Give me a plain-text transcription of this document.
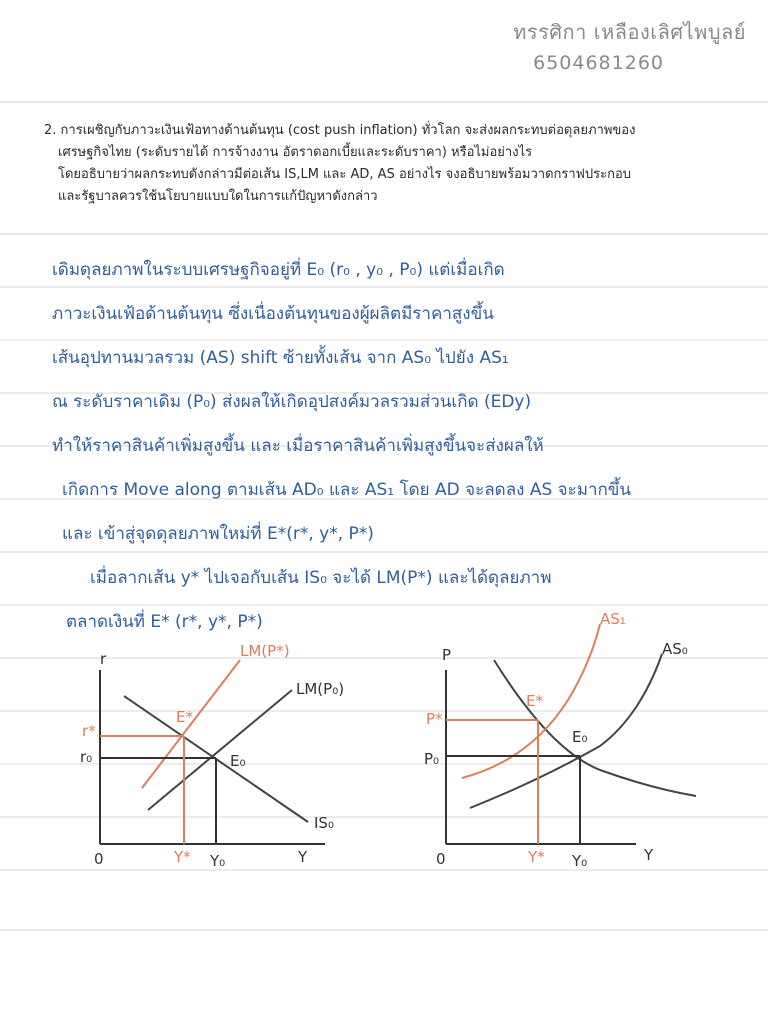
ทรรศิกา เหลืองเลิศไพบูลย์
6504681260
2. การเผชิญกับภาวะเงินเฟ้อทางด้านต้นทุน (cost push inflation) ทั่วโลก จะส่งผลกระทบต่อดุลยภาพของ
เศรษฐกิจไทย (ระดับรายได้ การจ้างงาน อัตราดอกเบี้ยและระดับราคา) หรือไม่อย่างไร
โดยอธิบายว่าผลกระทบดังกล่าวมีต่อเส้น IS,LM และ AD, AS อย่างไร จงอธิบายพร้อมวาดกราฟประกอบ
และรัฐบาลควรใช้นโยบายแบบใดในการแก้ปัญหาดังกล่าว
เดิมดุลยภาพในระบบเศรษฐกิจอยู่ที่ E₀ (r₀ , y₀ , P₀) แต่เมื่อเกิด
ภาวะเงินเฟ้อด้านต้นทุน ซึ่งเนื่องต้นทุนของผู้ผลิตมีราคาสูงขึ้น
เส้นอุปทานมวลรวม (AS) shift ซ้ายทั้งเส้น จาก AS₀ ไปยัง AS₁
ณ ระดับราคาเดิม (P₀) ส่งผลให้เกิดอุปสงค์มวลรวมส่วนเกิด (EDy)
ทำให้ราคาสินค้าเพิ่มสูงขึ้น และ เมื่อราคาสินค้าเพิ่มสูงขึ้นจะส่งผลให้
เกิดการ Move along ตามเส้น AD₀ และ AS₁ โดย AD จะลดลง AS จะมากขึ้น
และ เข้าสู่จุดดุลยภาพใหม่ที่ E*(r*, y*, P*)
เมื่อลากเส้น y* ไปเจอกับเส้น IS₀ จะได้ LM(P*) และได้ดุลยภาพ
ตลาดเงินที่ E* (r*, y*, P*)
r
Y
0
r*
r₀
Y* Y₀
LM(P*)
LM(P₀)
IS₀
E*
E₀
P
Y
0
P*
P₀
Y* Y₀
AS₁
AS₀
E*
E₀
